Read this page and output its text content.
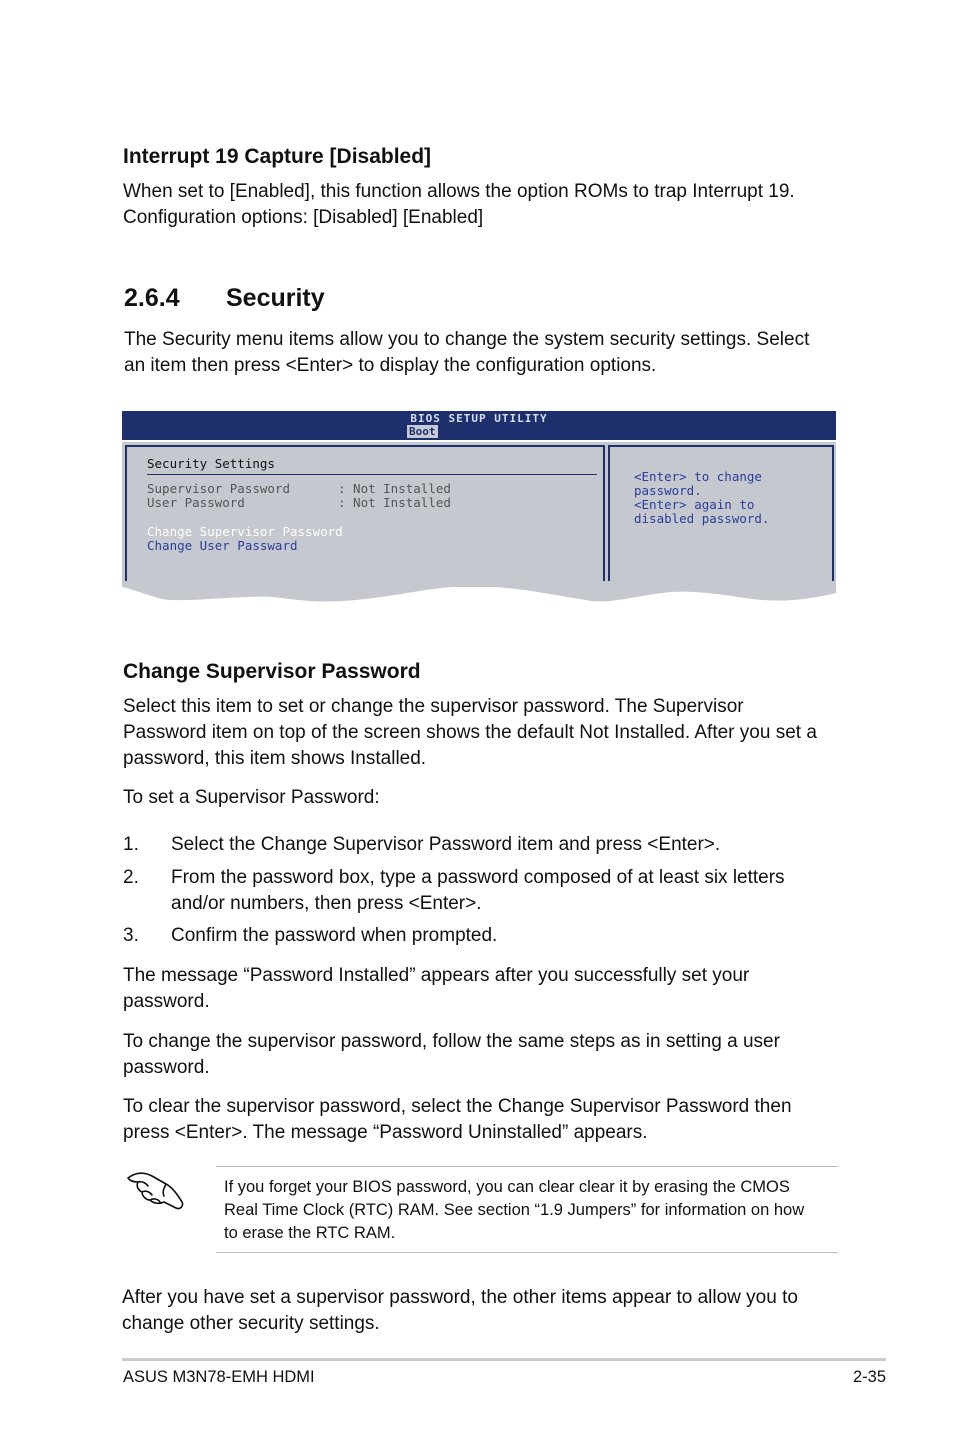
Interrupt 19 Capture [Disabled]
When set to [Enabled], this function allows the option ROMs to trap Interrupt 19.
Configuration options: [Disabled] [Enabled]
2.6.4 Security
The Security menu items allow you to change the system security settings. Select
an item then press <Enter> to display the configuration options.
BIOS SETUP UTILITY
Boot
Security Settings
Supervisor Password	: Not Installed
User Password	: Not Installed
Change Supervisor Password
Change User Passward
<Enter> to change
password.
<Enter> again to
disabled password.
Change Supervisor Password
Select this item to set or change the supervisor password. The Supervisor
Password item on top of the screen shows the default Not Installed. After you set a
password, this item shows Installed.
To set a Supervisor Password:
1. Select the Change Supervisor Password item and press <Enter>.
2. From the password box, type a password composed of at least six letters
and/or numbers, then press <Enter>.
3. Confirm the password when prompted.
The message “Password Installed” appears after you successfully set your
password.
To change the supervisor password, follow the same steps as in setting a user
password.
To clear the supervisor password, select the Change Supervisor Password then
press <Enter>. The message “Password Uninstalled” appears.
If you forget your BIOS password, you can clear clear it by erasing the CMOS
Real Time Clock (RTC) RAM. See section “1.9 Jumpers” for information on how
to erase the RTC RAM.
After you have set a supervisor password, the other items appear to allow you to
change other security settings.
ASUS M3N78-EMH HDMI	2-35
